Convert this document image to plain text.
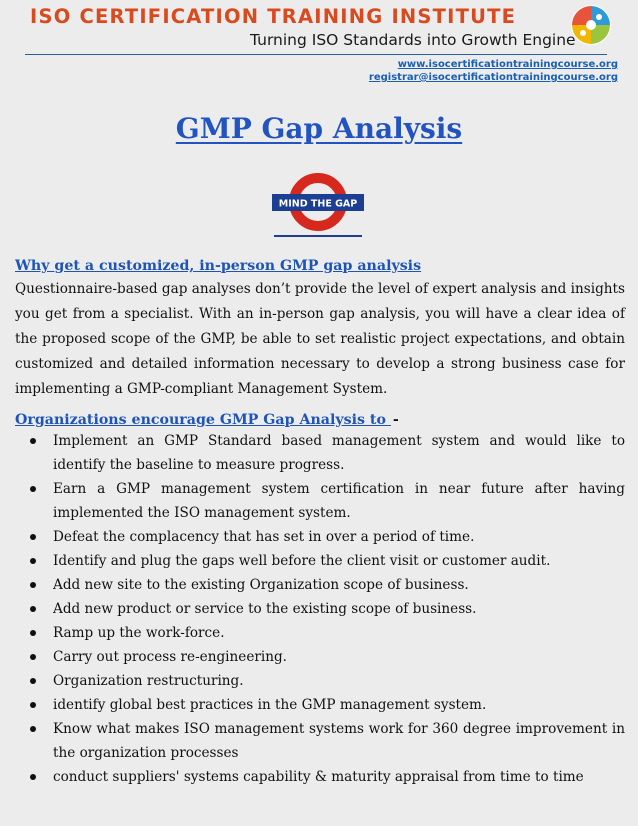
ISO CERTIFICATION TRAINING INSTITUTE
Turning ISO Standards into Growth Engine
www.isocertificationtrainingcourse.org
registrar@isocertificationtrainingcourse.org
GMP Gap Analysis
MIND THE GAP

Why get a customized, in-person GMP gap analysis

Questionnaire-based gap analyses don’t provide the level of expert analysis and insights you get from a specialist. With an in-person gap analysis, you will have a clear idea of the proposed scope of the GMP, be able to set realistic project expectations, and obtain customized and detailed information necessary to develop a strong business case for implementing a GMP-compliant Management System.

Organizations encourage GMP Gap Analysis to -

Implement an GMP Standard based management system and would like to identify the baseline to measure progress.
Earn a GMP management system certification in near future after having implemented the ISO management system.
Defeat the complacency that has set in over a period of time.
Identify and plug the gaps well before the client visit or customer audit.
Add new site to the existing Organization scope of business.
Add new product or service to the existing scope of business.
Ramp up the work-force.
Carry out process re-engineering.
Organization restructuring.
identify global best practices in the GMP management system.
Know what makes ISO management systems work for 360 degree improvement in the organization processes
conduct suppliers' systems capability & maturity appraisal from time to time
